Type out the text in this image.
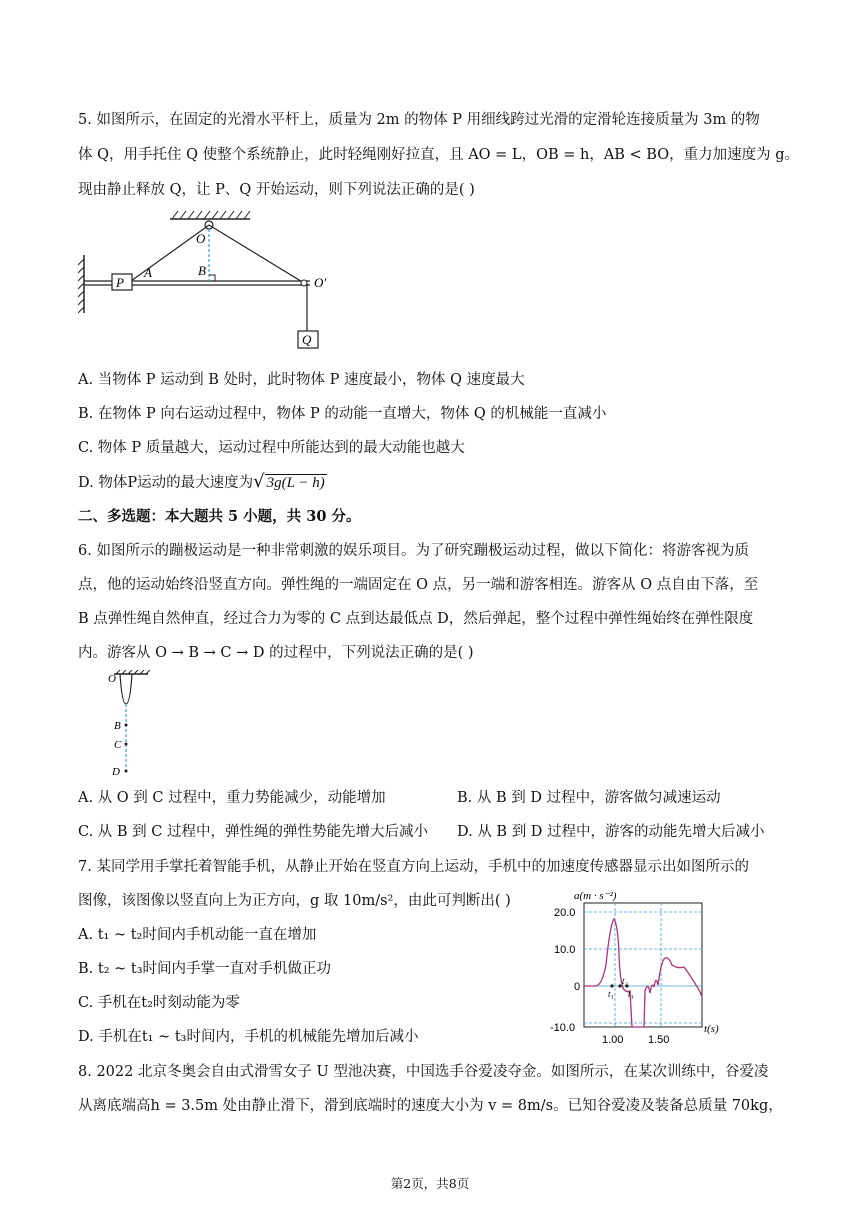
5. 如图所示，在固定的光滑水平杆上，质量为 2m 的物体 P 用细线跨过光滑的定滑轮连接质量为 3m 的物
体 Q，用手托住 Q 使整个系统静止，此时轻绳刚好拉直，且 AO = L，OB = h，AB < BO，重力加速度为 g。
现由静止释放 Q，让 P、Q 开始运动，则下列说法正确的是( )
O
A	B
P	O′
Q
A. 当物体 P 运动到 B 处时，此时物体 P 速度最小，物体 Q 速度最大
B. 在物体 P 向右运动过程中，物体 P 的动能一直增大，物体 Q 的机械能一直减小
C. 物体 P 质量越大，运动过程中所能达到的最大动能也越大
D. 物体P运动的最大速度为√ 3g(L − h)
二、多选题：本大题共 5 小题，共 30 分。
6. 如图所示的蹦极运动是一种非常刺激的娱乐项目。为了研究蹦极运动过程，做以下简化：将游客视为质
点，他的运动始终沿竖直方向。弹性绳的一端固定在 O 点，另一端和游客相连。游客从 O 点自由下落，至
B 点弹性绳自然伸直，经过合力为零的 C 点到达最低点 D，然后弹起，整个过程中弹性绳始终在弹性限度
内。游客从 O → B → C → D 的过程中，下列说法正确的是( )
O
B
C
D
A. 从 O 到 C 过程中，重力势能减少，动能增加	B. 从 B 到 D 过程中，游客做匀减速运动
C. 从 B 到 C 过程中，弹性绳的弹性势能先增大后减小 D. 从 B 到 D 过程中，游客的动能先增大后减小
7. 某同学用手掌托着智能手机，从静止开始在竖直方向上运动，手机中的加速度传感器显示出如图所示的
图像，该图像以竖直向上为正方向，g 取 10m/s²，由此可判断出( )
A. t₁ ~ t₂时间内手机动能一直在增加
B. t₂ ~ t₃时间内手掌一直对手机做正功
C. 手机在t₂时刻动能为零
D. 手机在t₁ ~ t₃时间内，手机的机械能先增加后减小
t₁
t₂
t₃
a(m · s⁻²)
t(s)
20.0
10.0
0
-10.0
1.00 1.50
8. 2022 北京冬奥会自由式滑雪女子 U 型池决赛，中国选手谷爱凌夺金。如图所示，在某次训练中，谷爱凌
从离底端高h = 3.5m 处由静止滑下，滑到底端时的速度大小为 v = 8m/s。已知谷爱凌及装备总质量 70kg，
第2页，共8页
